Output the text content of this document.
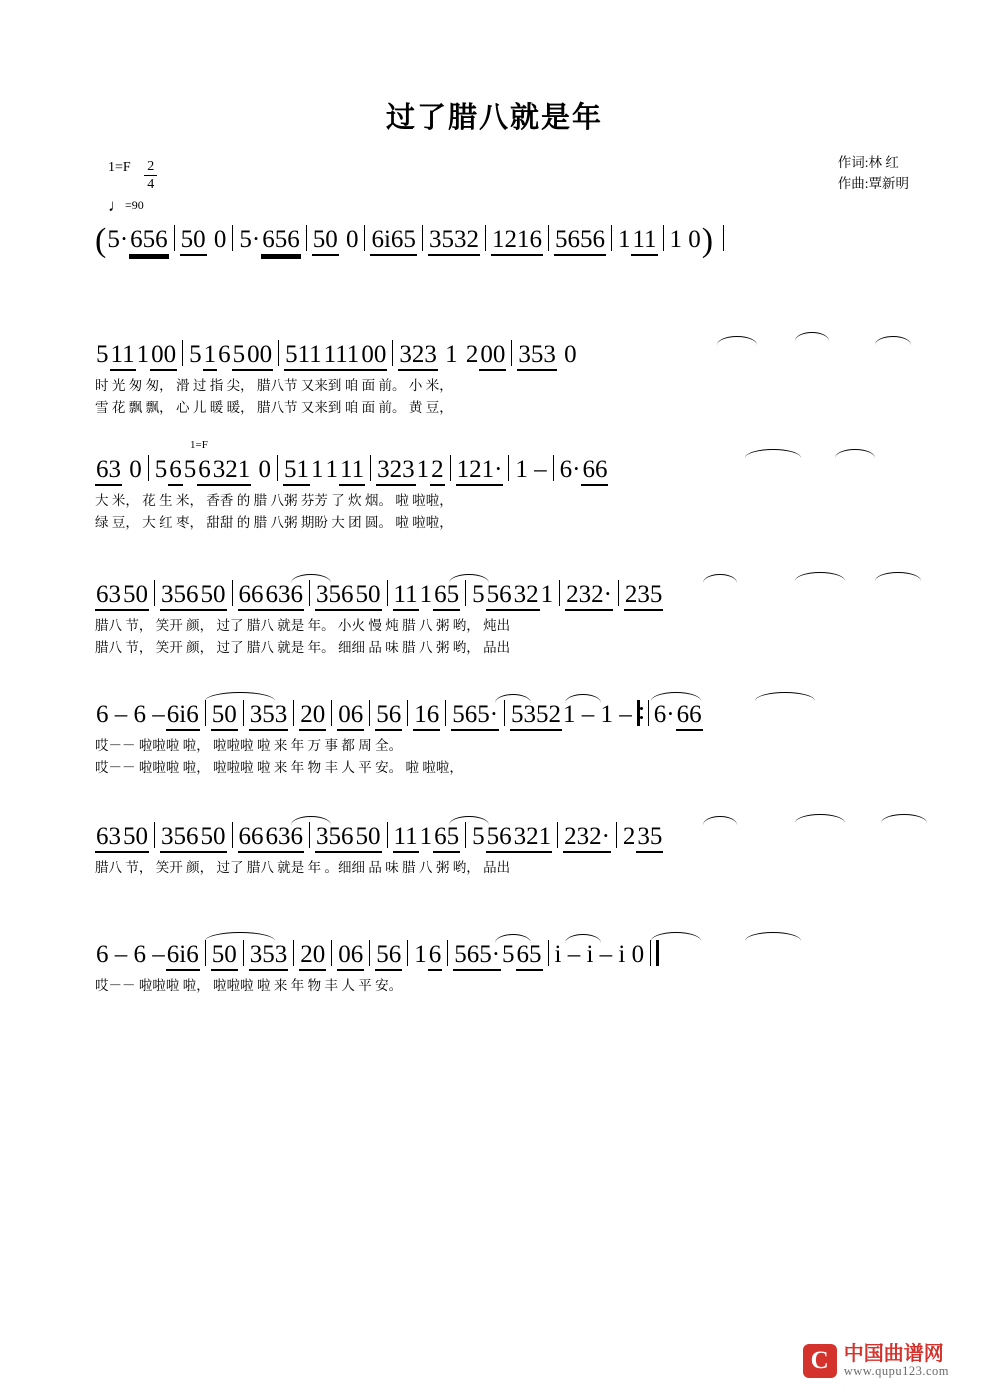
过了腊八就是年
作词:林 红
作曲:覃新明
$1=F \frac{2}{4}$
♩=90
(5·656 50 0 5·656 50 0 6i65 3532 1216 5656 111 1 0)
511100 516500 51111100 323 1 200 353 0
时 光 匆 匆， 滑 过 指 尖， 腊八节 又来到 咱 面 前。 小 米，
雪 花 飘 飘， 心 儿 暖 暖， 腊八节 又来到 咱 面 前。 黄 豆，
1=F
63 0 5656321 0 511111 32312 121· 1 – 6·66
大 米， 花 生 米， 香香 的 腊 八粥 芬芳 了 炊 烟。 啦 啦啦，
绿 豆， 大 红 枣， 甜甜 的 腊 八粥 期盼 大 团 圆。 啦 啦啦，
6350 35650 66636 35650 11165 556321 232· 235
腊八 节， 笑开 颜， 过了 腊八 就是 年。 小火 慢 炖 腊 八 粥 哟， 炖出
腊八 节， 笑开 颜， 过了 腊八 就是 年。 细细 品 味 腊 八 粥 哟， 品出
6 – 6 –6i6 50 353 20 06 56 16 565· 53521 – 1 – 6·66
哎－－ 啦啦啦 啦， 啦啦啦 啦 来 年 万 事 都 周 全。
哎－－ 啦啦啦 啦， 啦啦啦 啦 来 年 物 丰 人 平 安。 啦 啦啦，
6350 35650 66636 35650 11165 556321 232· 235
腊八 节， 笑开 颜， 过了 腊八 就是 年 。细细 品 味 腊 八 粥 哟， 品出
6 – 6 –6i6 50 353 20 06 56 16 565·565 i – i – i 0
哎－－ 啦啦啦 啦， 啦啦啦 啦 来 年 物 丰 人 平 安。
C 中国曲谱网
www.qupu123.com
